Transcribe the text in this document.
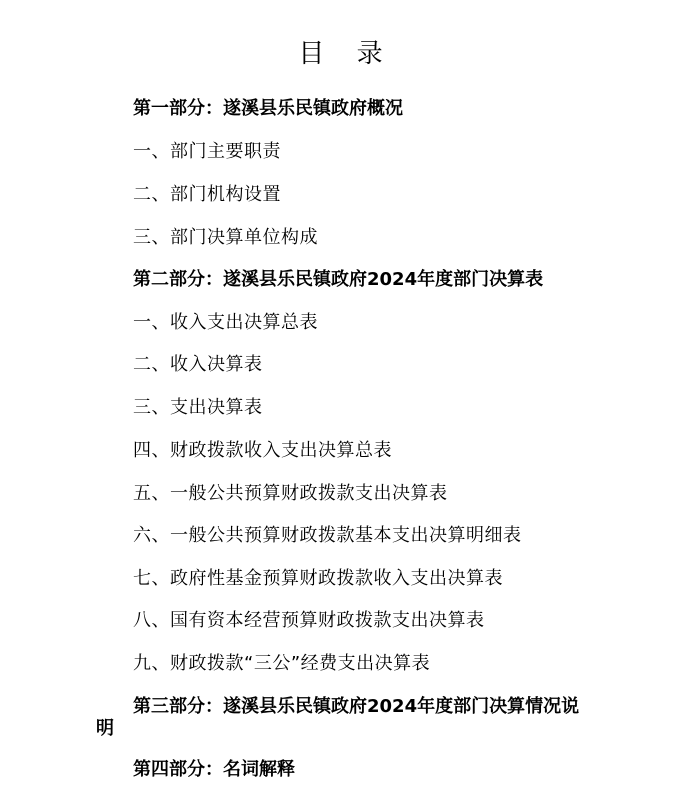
目 录
第一部分：遂溪县乐民镇政府概况
一、部门主要职责
二、部门机构设置
三、部门决算单位构成
第二部分：遂溪县乐民镇政府2024年度部门决算表
一、收入支出决算总表
二、收入决算表
三、支出决算表
四、财政拨款收入支出决算总表
五、一般公共预算财政拨款支出决算表
六、一般公共预算财政拨款基本支出决算明细表
七、政府性基金预算财政拨款收入支出决算表
八、国有资本经营预算财政拨款支出决算表
九、财政拨款“三公”经费支出决算表
第三部分：遂溪县乐民镇政府2024年度部门决算情况说
明
第四部分：名词解释
